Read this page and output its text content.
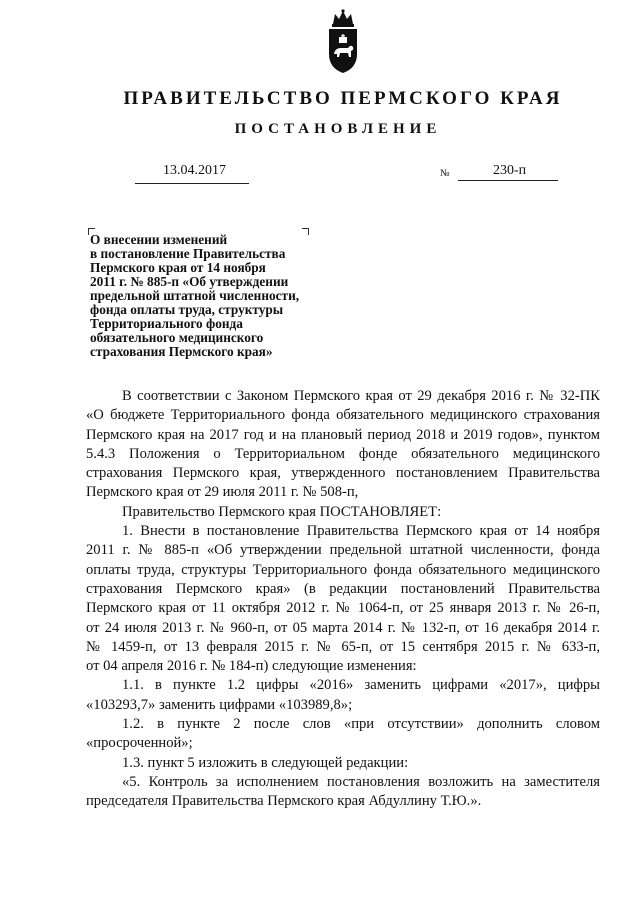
ПРАВИТЕЛЬСТВО ПЕРМСКОГО КРАЯ
ПОСТАНОВЛЕНИЕ
13.04.2017	№	230-п
О внесении изменений
в постановление Правительства
Пермского края от 14 ноября
2011 г. № 885-п «Об утверждении
предельной штатной численности,
фонда оплаты труда, структуры
Территориального фонда
обязательного медицинского
страхования Пермского края»

В соответствии с Законом Пермского края от 29 декабря 2016 г. № 32-ПК

«О бюджете Территориального фонда обязательного медицинского страхования

Пермского края на 2017 год и на плановый период 2018 и 2019 годов», пунктом

5.4.3 Положения о Территориальном фонде обязательного медицинского

страхования Пермского края, утвержденного постановлением Правительства

Пермского края от 29 июля 2011 г. № 508-п,

Правительство Пермского края ПОСТАНОВЛЯЕТ:

1. Внести в постановление Правительства Пермского края от 14 ноября

2011 г. № 885-п «Об утверждении предельной штатной численности, фонда

оплаты труда, структуры Территориального фонда обязательного медицинского

страхования Пермского края» (в редакции постановлений Правительства

Пермского края от 11 октября 2012 г. № 1064-п, от 25 января 2013 г. № 26-п,

от 24 июля 2013 г. № 960-п, от 05 марта 2014 г. № 132-п, от 16 декабря 2014 г.

№ 1459-п, от 13 февраля 2015 г. № 65-п, от 15 сентября 2015 г. № 633-п,

от 04 апреля 2016 г. № 184-п) следующие изменения:

1.1. в пункте 1.2 цифры «2016» заменить цифрами «2017», цифры

«103293,7» заменить цифрами «103989,8»;

1.2. в пункте 2 после слов «при отсутствии» дополнить словом

«просроченной»;

1.3. пункт 5 изложить в следующей редакции:

«5. Контроль за исполнением постановления возложить на заместителя

председателя Правительства Пермского края Абдуллину Т.Ю.».
